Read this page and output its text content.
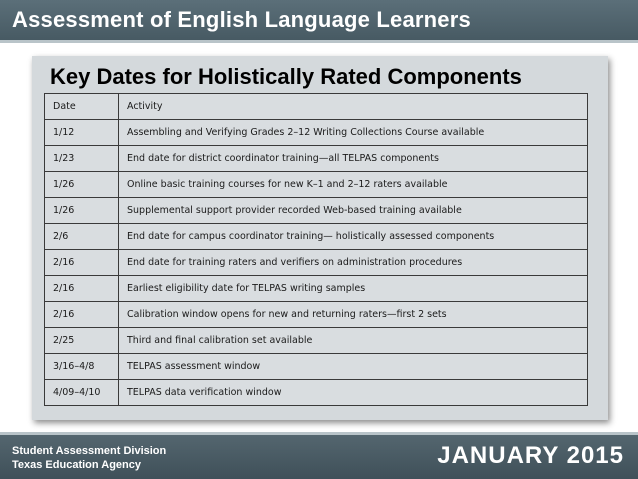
Assessment of English Language Learners
Key Dates for Holistically Rated Components
Date	Activity
1/12	Assembling and Verifying Grades 2–12 Writing Collections Course available
1/23	End date for district coordinator training—all TELPAS components
1/26	Online basic training courses for new K–1 and 2–12 raters available
1/26	Supplemental support provider recorded Web-based training available
2/6	End date for campus coordinator training— holistically assessed components
2/16	End date for training raters and verifiers on administration procedures
2/16	Earliest eligibility date for TELPAS writing samples
2/16	Calibration window opens for new and returning raters—first 2 sets
2/25	Third and final calibration set available
3/16–4/8	TELPAS assessment window
4/09–4/10	TELPAS data verification window
Student Assessment Division
Texas Education Agency	JANUARY 2015
